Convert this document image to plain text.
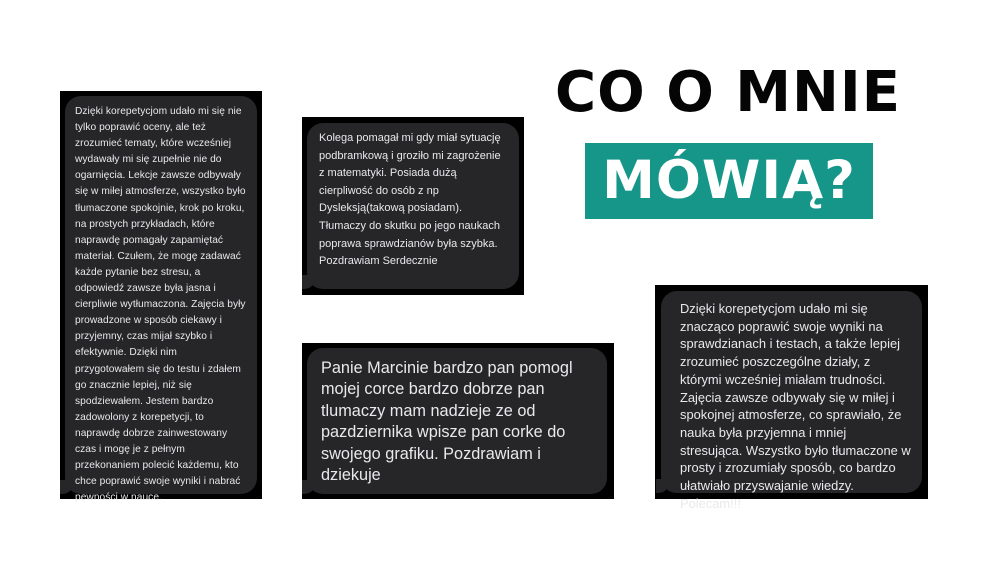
Dzięki korepetycjom udało mi się nie tylko poprawić oceny, ale też zrozumieć tematy, które wcześniej wydawały mi się zupełnie nie do ogarnięcia. Lekcje zawsze odbywały się w miłej atmosferze, wszystko było tłumaczone spokojnie, krok po kroku, na prostych przykładach, które naprawdę pomagały zapamiętać materiał. Czułem, że mogę zadawać każde pytanie bez stresu, a odpowiedź zawsze była jasna i cierpliwie wytłumaczona. Zajęcia były prowadzone w sposób ciekawy i przyjemny, czas mijał szybko i efektywnie. Dzięki nim przygotowałem się do testu i zdałem go znacznie lepiej, niż się spodziewałem. Jestem bardzo zadowolony z korepetycji, to naprawdę dobrze zainwestowany czas i mogę je z pełnym przekonaniem polecić każdemu, kto chce poprawić swoje wyniki i nabrać pewności w nauce.
Kolega pomagał mi gdy miał sytuację podbramkową i groziło mi zagrożenie z matematyki. Posiada dużą cierpliwość do osób z np Dysleksją(takową posiadam). Tłumaczy do skutku po jego naukach poprawa sprawdzianów była szybka. Pozdrawiam Serdecznie
Panie Marcinie bardzo pan pomogl mojej corce bardzo dobrze pan tlumaczy mam nadzieje ze od pazdziernika wpisze pan corke do swojego grafiku. Pozdrawiam i dziekuje
Dzięki korepetycjom udało mi się znacząco poprawić swoje wyniki na sprawdzianach i testach, a także lepiej zrozumieć poszczególne działy, z którymi wcześniej miałam trudności. Zajęcia zawsze odbywały się w miłej i spokojnej atmosferze, co sprawiało, że nauka była przyjemna i mniej stresująca. Wszystko było tłumaczone w prosty i zrozumiały sposób, co bardzo ułatwiało przyswajanie wiedzy. Polecam!!!
CO O MNIE
MÓWIĄ?
